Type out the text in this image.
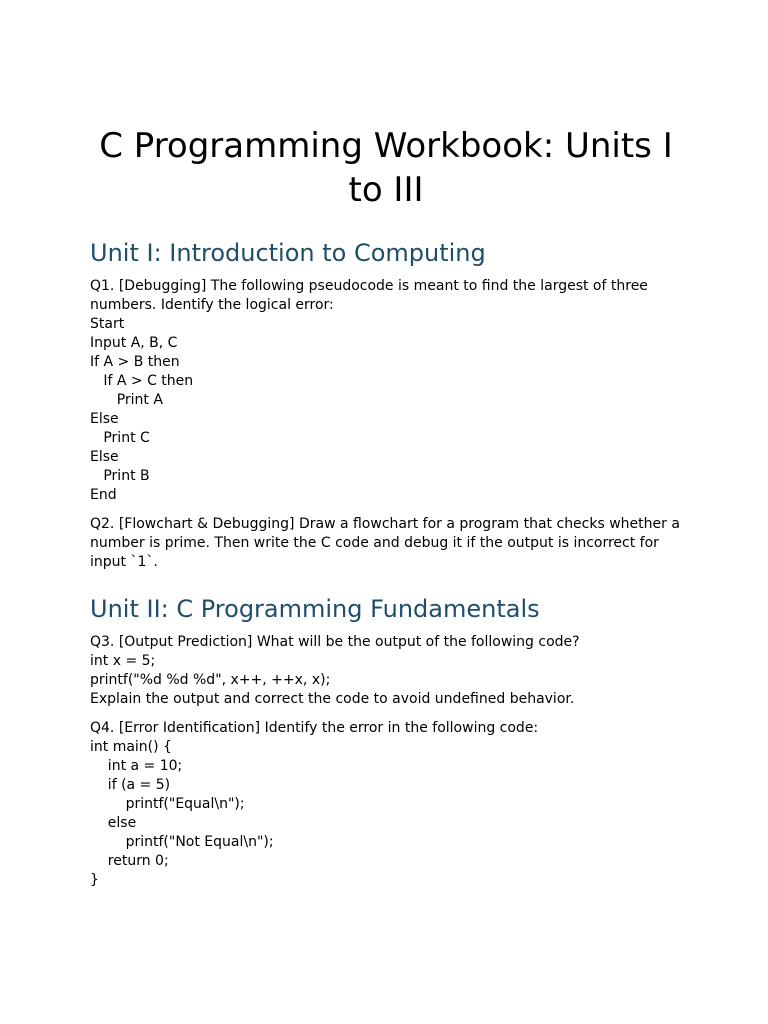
C Programming Workbook: Units I to III
Unit I: Introduction to Computing

Q1. [Debugging] The following pseudocode is meant to find the largest of three numbers. Identify the logical error:

Start
Input A, B, C
If A > B then
If A > C then
Print A
Else
Print C
Else
Print B
End

Q2. [Flowchart & Debugging] Draw a flowchart for a program that checks whether a number is prime. Then write the C code and debug it if the output is incorrect for input `1`.

Unit II: C Programming Fundamentals

Q3. [Output Prediction] What will be the output of the following code?

int x = 5;
printf("%d %d %d", x++, ++x, x);
Explain the output and correct the code to avoid undefined behavior.

Q4. [Error Identification] Identify the error in the following code:

int main() {
int a = 10;
if (a = 5)
printf("Equal\n");
else
printf("Not Equal\n");
return 0;
}
